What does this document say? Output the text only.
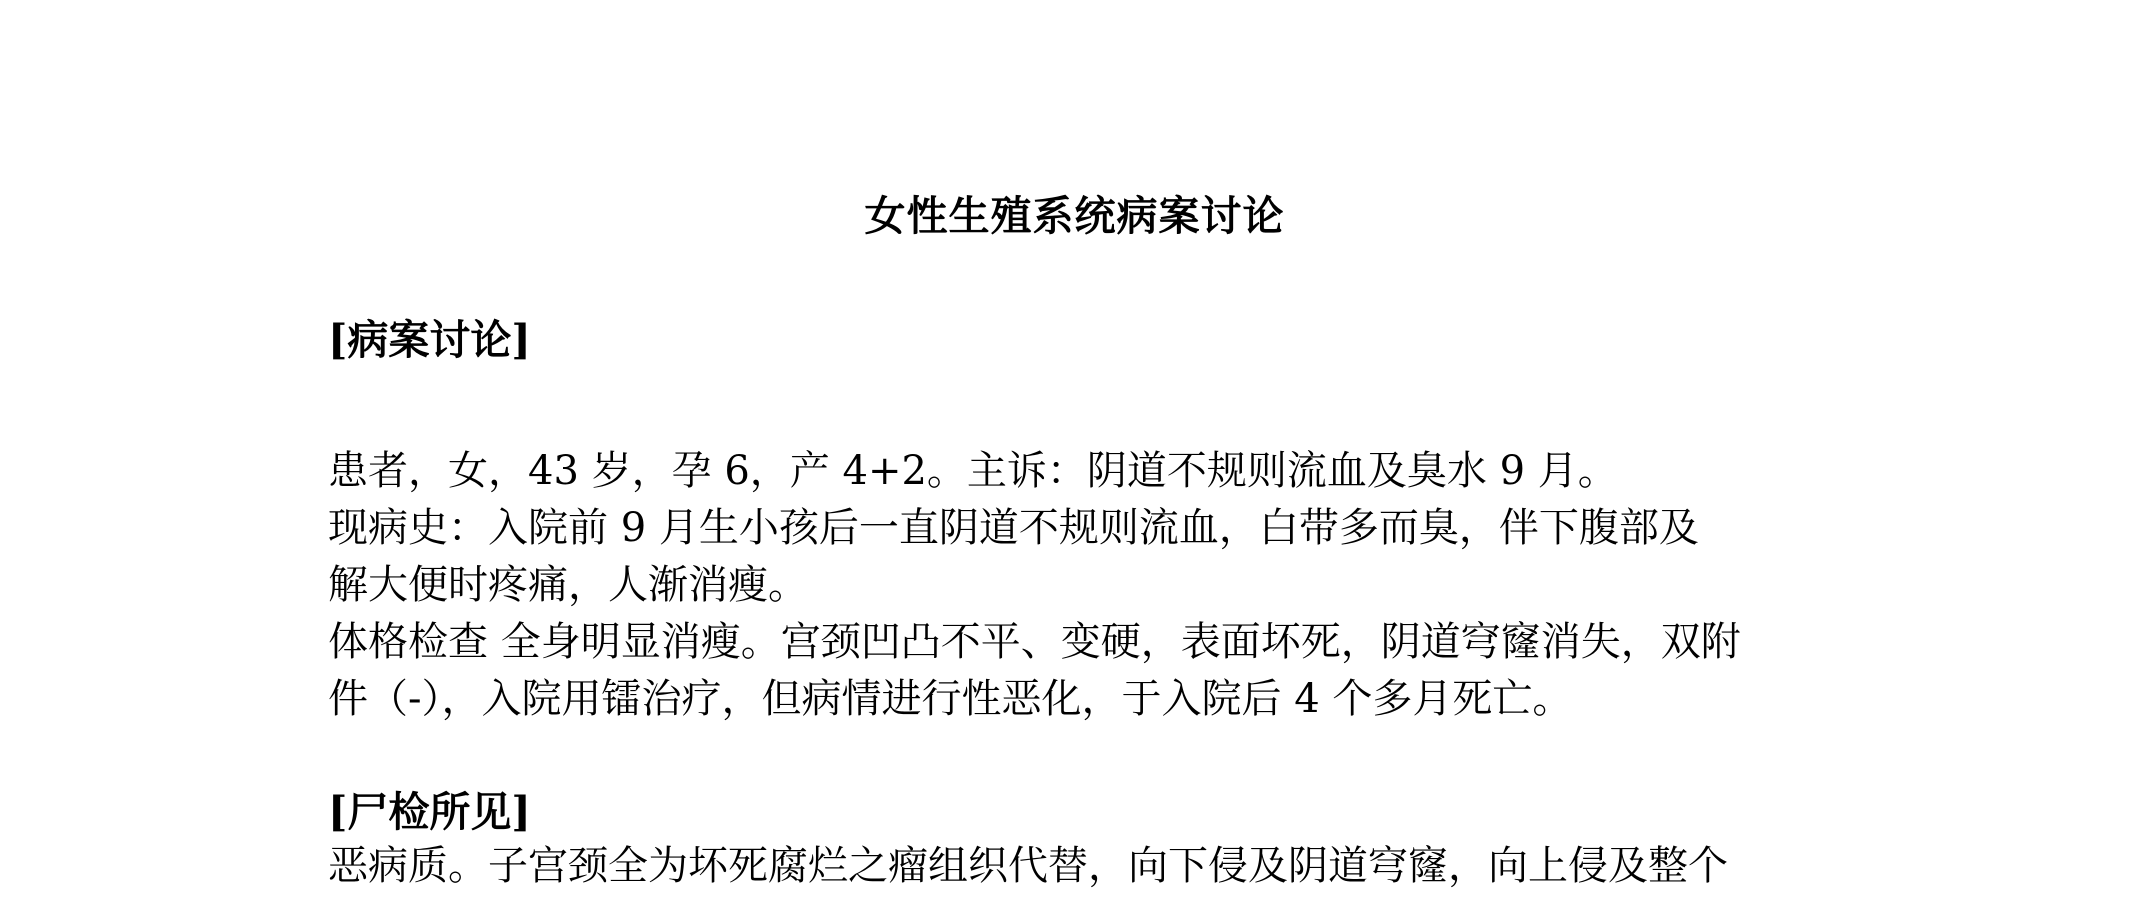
女性生殖系统病案讨论
[病案讨论]
患者，女，43 岁，孕 6，产 4+2。主诉：阴道不规则流血及臭水 9 月。
现病史：入院前 9 月生小孩后一直阴道不规则流血，白带多而臭，伴下腹部及
解大便时疼痛，人渐消瘦。
体格检查 全身明显消瘦。宫颈凹凸不平、变硬，表面坏死，阴道穹窿消失，双附
件（-），入院用镭治疗，但病情进行性恶化，于入院后 4 个多月死亡。
[尸检所见]
恶病质。子宫颈全为坏死腐烂之瘤组织代替，向下侵及阴道穹窿，向上侵及整个
